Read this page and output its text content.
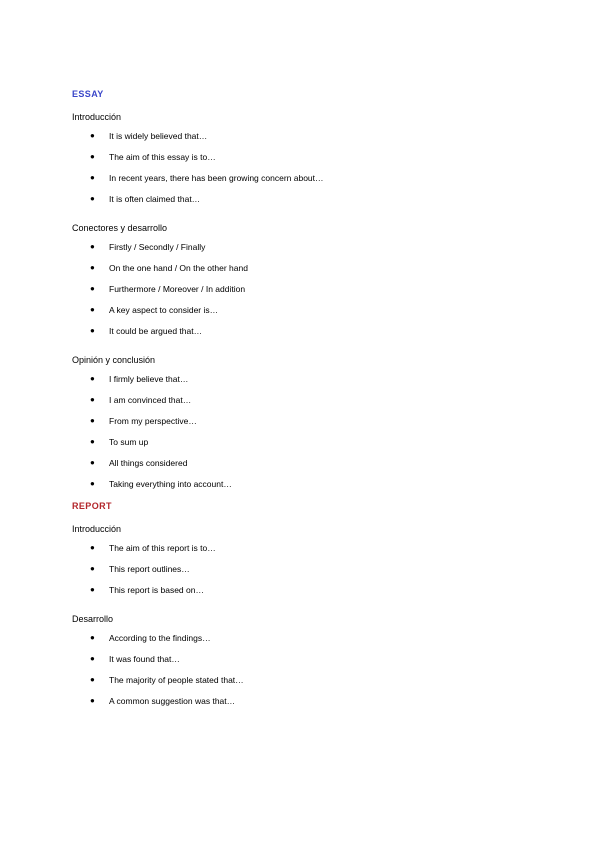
ESSAY
Introducción
● It is widely believed that…
● The aim of this essay is to…
● In recent years, there has been growing concern about…
● It is often claimed that…
Conectores y desarrollo
● Firstly / Secondly / Finally
● On the one hand / On the other hand
● Furthermore / Moreover / In addition
● A key aspect to consider is…
● It could be argued that…
Opinión y conclusión
● I firmly believe that…
● I am convinced that…
● From my perspective…
● To sum up
● All things considered
● Taking everything into account…
REPORT
Introducción
● The aim of this report is to…
● This report outlines…
● This report is based on…
Desarrollo
● According to the findings…
● It was found that…
● The majority of people stated that…
● A common suggestion was that…
